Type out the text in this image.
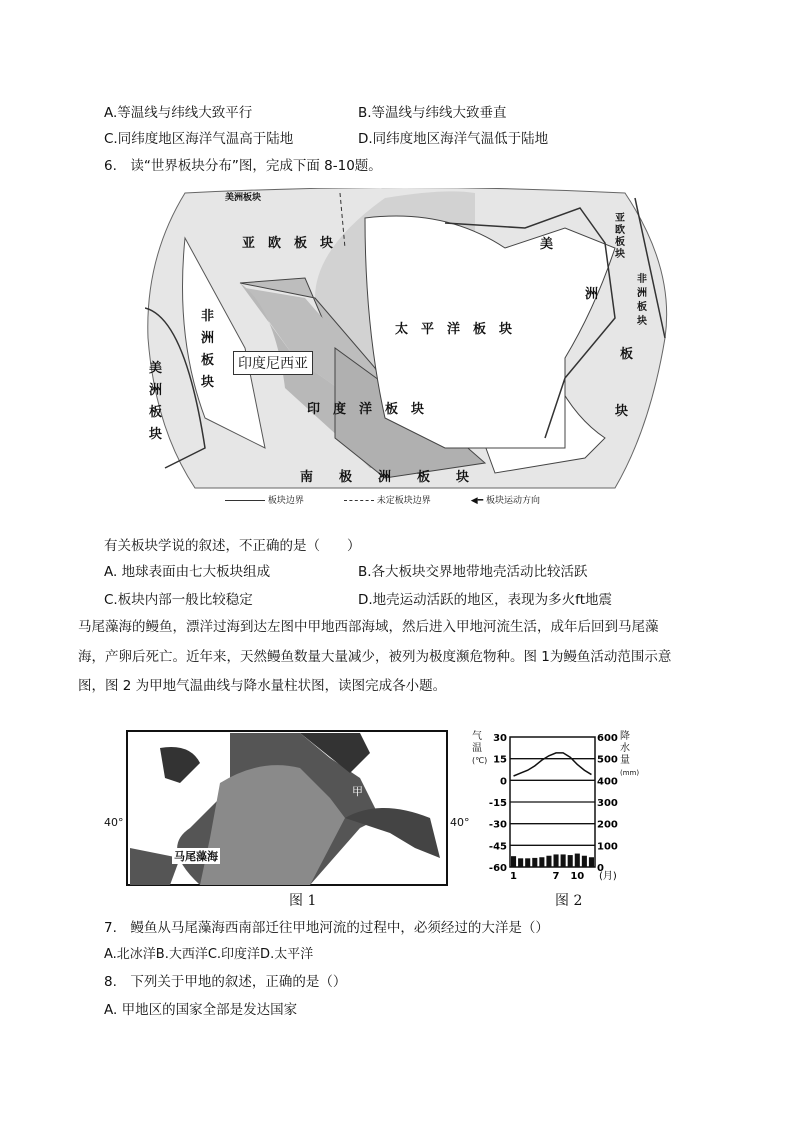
A.等温线与纬线大致平行	B.等温线与纬线大致垂直
C.同纬度地区海洋气温高于陆地	D.同纬度地区海洋气温低于陆地
6.　读“世界板块分布”图，完成下面 8-10题。
亚　欧　板　块
太　平　洋　板　块
印　度　洋　板　块
南　　极　　洲　　板　　块
非 洲 板 块
美 洲 板 块
美
洲
板
块
美洲板块
非 洲 板 块
亚 欧 板 块
印度尼西亚
板块边界	未定板块边界	◀━ 板块运动方向
有关板块学说的叙述，不正确的是（　　）
A. 地球表面由七大板块组成	B.各大板块交界地带地壳活动比较活跃
C.板块内部一般比较稳定	D.地壳运动活跃的地区，表现为多火ft地震
马尾藻海的鳗鱼，漂洋过海到达左图中甲地西部海域，然后进入甲地河流生活，成年后回到马尾藻
海，产卵后死亡。近年来，天然鳗鱼数量大量减少，被列为极度濒危物种。图 1为鳗鱼活动范围示意
图，图 2 为甲地气温曲线与降水量柱状图，读图完成各小题。
马尾藻海
甲
40°	40°
图 1
30	600
15	500
0	400
-15	300
-30	200
-45	100
-60	0
1	7 10 (月)
气 温 (℃)
降 水 量 (mm)
图 2
7.　鳗鱼从马尾藻海西南部迁往甲地河流的过程中，必须经过的大洋是（）
A.北冰洋B.大西洋C.印度洋D.太平洋
8.　下列关于甲地的叙述，正确的是（）
A. 甲地区的国家全部是发达国家
